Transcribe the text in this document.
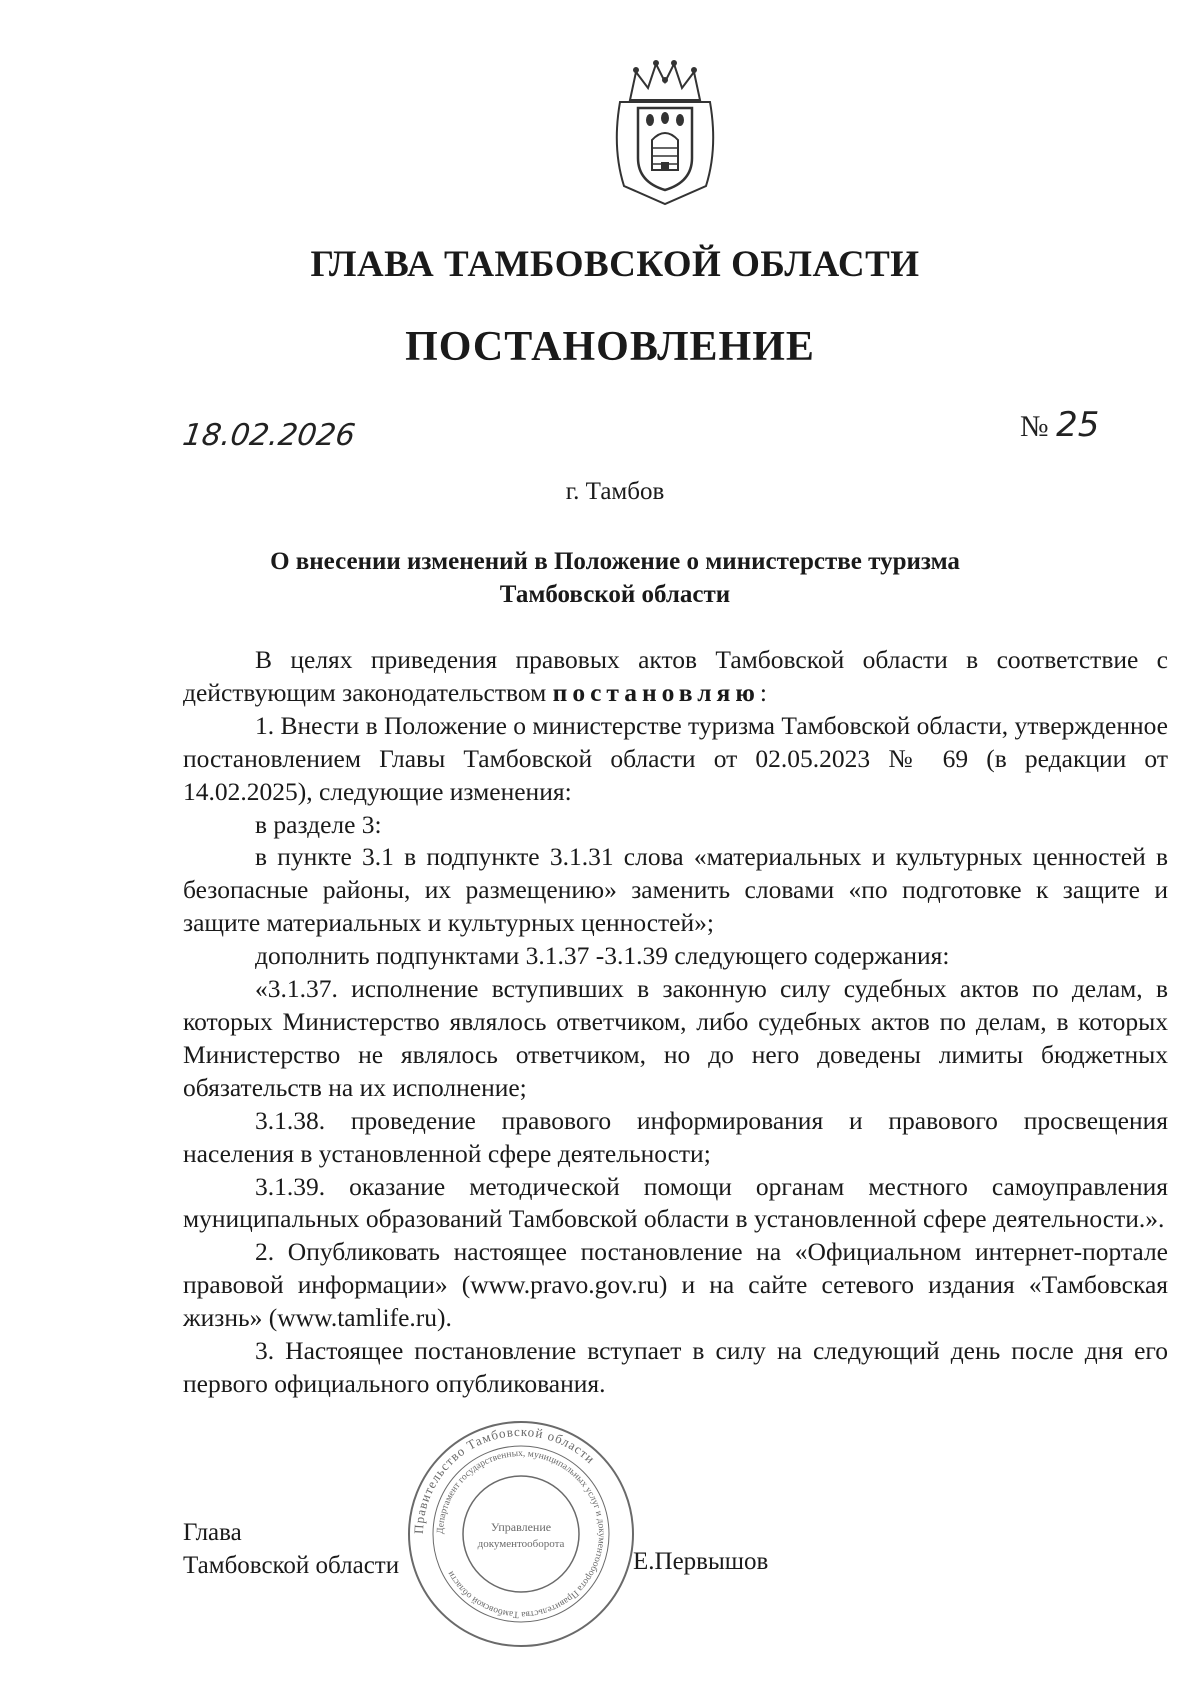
ГЛАВА ТАМБОВСКОЙ ОБЛАСТИ
ПОСТАНОВЛЕНИЕ
18.02.2026	№ 25
г. Тамбов
О внесении изменений в Положение о министерстве туризма
Тамбовской области

В целях приведения правовых актов Тамбовской области в соответствие с действующим законодательством постановляю:

1. Внести в Положение о министерстве туризма Тамбовской области, утвержденное постановлением Главы Тамбовской области от 02.05.2023 № 69 (в редакции от 14.02.2025), следующие изменения:

в разделе 3:

в пункте 3.1 в подпункте 3.1.31 слова «материальных и культурных ценностей в безопасные районы, их размещению» заменить словами «по подготовке к защите и защите материальных и культурных ценностей»;

дополнить подпунктами 3.1.37 -3.1.39 следующего содержания:

«3.1.37. исполнение вступивших в законную силу судебных актов по делам, в которых Министерство являлось ответчиком, либо судебных актов по делам, в которых Министерство не являлось ответчиком, но до него доведены лимиты бюджетных обязательств на их исполнение;

3.1.38. проведение правового информирования и правового просвещения населения в установленной сфере деятельности;

3.1.39. оказание методической помощи органам местного самоуправления муниципальных образований Тамбовской области в установленной сфере деятельности.».

2. Опубликовать настоящее постановление на «Официальном интернет-портале правовой информации» (www.pravo.gov.ru) и на сайте сетевого издания «Тамбовская жизнь» (www.tamlife.ru).

3. Настоящее постановление вступает в силу на следующий день после дня его первого официального опубликования.

Глава
Тамбовской области	Е.Первышов
Правительство Тамбовской области
Департамент государственных, муниципальных услуг и документооборота Правительства Тамбовской области
Управление
документооборота
